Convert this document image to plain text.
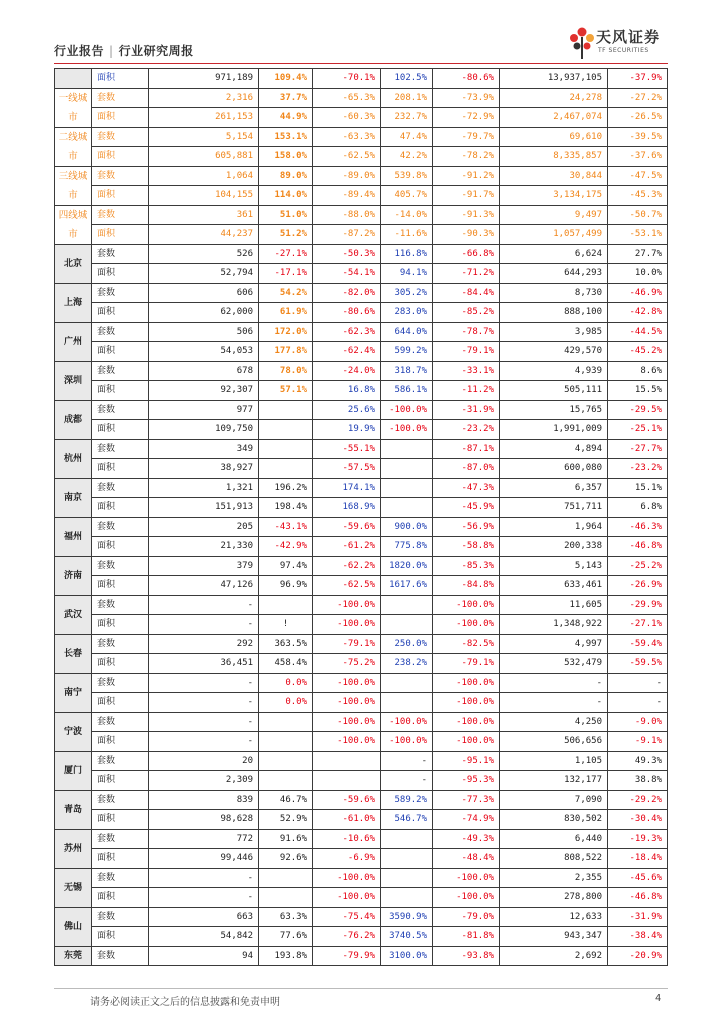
行业报告 | 行业研究周报
天风证券
TF SECURITIES
	面积	971,189	109.4%	-70.1%	102.5%	-80.6%	13,937,105	-37.9%
一线城市	套数	2,316	37.7%	-65.3%	208.1%	-73.9%	24,278	-27.2%
	面积	261,153	44.9%	-60.3%	232.7%	-72.9%	2,467,074	-26.5%
二线城市	套数	5,154	153.1%	-63.3%	47.4%	-79.7%	69,610	-39.5%
	面积	605,881	158.0%	-62.5%	42.2%	-78.2%	8,335,857	-37.6%
三线城市	套数	1,064	89.0%	-89.0%	539.8%	-91.2%	30,844	-47.5%
	面积	104,155	114.0%	-89.4%	405.7%	-91.7%	3,134,175	-45.3%
四线城市	套数	361	51.0%	-88.0%	-14.0%	-91.3%	9,497	-50.7%
	面积	44,237	51.2%	-87.2%	-11.6%	-90.3%	1,057,499	-53.1%
北京	套数	526	-27.1%	-50.3%	116.8%	-66.8%	6,624	27.7%
	面积	52,794	-17.1%	-54.1%	94.1%	-71.2%	644,293	10.0%
上海	套数	606	54.2%	-82.0%	305.2%	-84.4%	8,730	-46.9%
	面积	62,000	61.9%	-80.6%	283.0%	-85.2%	888,100	-42.8%
广州	套数	506	172.0%	-62.3%	644.0%	-78.7%	3,985	-44.5%
	面积	54,053	177.8%	-62.4%	599.2%	-79.1%	429,570	-45.2%
深圳	套数	678	78.0%	-24.0%	318.7%	-33.1%	4,939	8.6%
	面积	92,307	57.1%	16.8%	586.1%	-11.2%	505,111	15.5%
成都	套数	977		25.6%	-100.0%	-31.9%	15,765	-29.5%
	面积	109,750		19.9%	-100.0%	-23.2%	1,991,009	-25.1%
杭州	套数	349		-55.1%		-87.1%	4,894	-27.7%
	面积	38,927		-57.5%		-87.0%	600,080	-23.2%
南京	套数	1,321	196.2%	174.1%		-47.3%	6,357	15.1%
	面积	151,913	198.4%	168.9%		-45.9%	751,711	6.8%
福州	套数	205	-43.1%	-59.6%	900.0%	-56.9%	1,964	-46.3%
	面积	21,330	-42.9%	-61.2%	775.8%	-58.8%	200,338	-46.8%
济南	套数	379	97.4%	-62.2%	1820.0%	-85.3%	5,143	-25.2%
	面积	47,126	96.9%	-62.5%	1617.6%	-84.8%	633,461	-26.9%
武汉	套数	-		-100.0%		-100.0%	11,605	-29.9%
	面积	-	!	-100.0%		-100.0%	1,348,922	-27.1%
长春	套数	292	363.5%	-79.1%	250.0%	-82.5%	4,997	-59.4%
	面积	36,451	458.4%	-75.2%	238.2%	-79.1%	532,479	-59.5%
南宁	套数	-	0.0%	-100.0%		-100.0%	-	-
	面积	-	0.0%	-100.0%		-100.0%	-	-
宁波	套数	-		-100.0%	-100.0%	-100.0%	4,250	-9.0%
	面积	-		-100.0%	-100.0%	-100.0%	506,656	-9.1%
厦门	套数	20			-	-95.1%	1,105	49.3%
	面积	2,309			-	-95.3%	132,177	38.8%
青岛	套数	839	46.7%	-59.6%	589.2%	-77.3%	7,090	-29.2%
	面积	98,628	52.9%	-61.0%	546.7%	-74.9%	830,502	-30.4%
苏州	套数	772	91.6%	-10.6%		-49.3%	6,440	-19.3%
	面积	99,446	92.6%	-6.9%		-48.4%	808,522	-18.4%
无锡	套数	-		-100.0%		-100.0%	2,355	-45.6%
	面积	-		-100.0%		-100.0%	278,800	-46.8%
佛山	套数	663	63.3%	-75.4%	3590.9%	-79.0%	12,633	-31.9%
	面积	54,842	77.6%	-76.2%	3740.5%	-81.8%	943,347	-38.4%
东莞	套数	94	193.8%	-79.9%	3100.0%	-93.8%	2,692	-20.9%
请务必阅读正文之后的信息披露和免责申明	4
